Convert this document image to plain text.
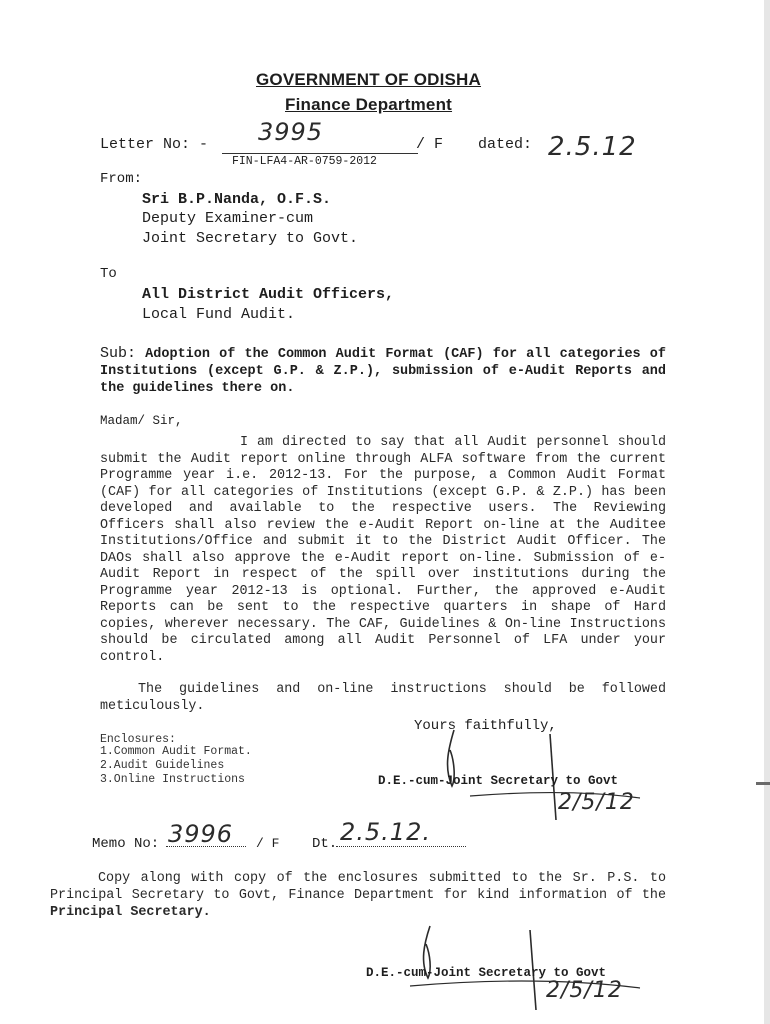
GOVERNMENT OF ODISHA
Finance Department
Letter No: - 3995	/ F dated: 2.5.12
FIN-LFA4-AR-0759-2012
From:
Sri B.P.Nanda, O.F.S.
Deputy Examiner-cum
Joint Secretary to Govt.
To
All District Audit Officers,
Local Fund Audit.
Sub: Adoption of the Common Audit Format (CAF) for all categories of Institutions (except G.P. & Z.P.), submission of e-Audit Reports and the guidelines there on.
Madam/ Sir,
I am directed to say that all Audit personnel should submit the Audit report online through ALFA software from the current Programme year i.e. 2012-13. For the purpose, a Common Audit Format (CAF) for all categories of Institutions (except G.P. & Z.P.) has been developed and available to the respective users. The Reviewing Officers shall also review the e-Audit Report on-line at the Auditee Institutions/Office and submit it to the District Audit Officer. The DAOs shall also approve the e-Audit report on-line. Submission of e-Audit Report in respect of the spill over institutions during the Programme year 2012-13 is optional. Further, the approved e-Audit Reports can be sent to the respective quarters in shape of Hard copies, wherever necessary. The CAF, Guidelines & On-line Instructions should be circulated among all Audit Personnel of LFA under your control.
The guidelines and on-line instructions should be followed meticulously.
Yours faithfully,
Enclosures:
1.Common Audit Format.
2.Audit Guidelines
3.Online Instructions	D.E.-cum-Joint Secretary to Govt
2/5/12
Memo No: 3996 / F Dt. 2.5.12.
Copy along with copy of the enclosures submitted to the Sr. P.S. to Principal Secretary to Govt, Finance Department for kind information of the Principal Secretary.
D.E.-cum-Joint Secretary to Govt
2/5/12
